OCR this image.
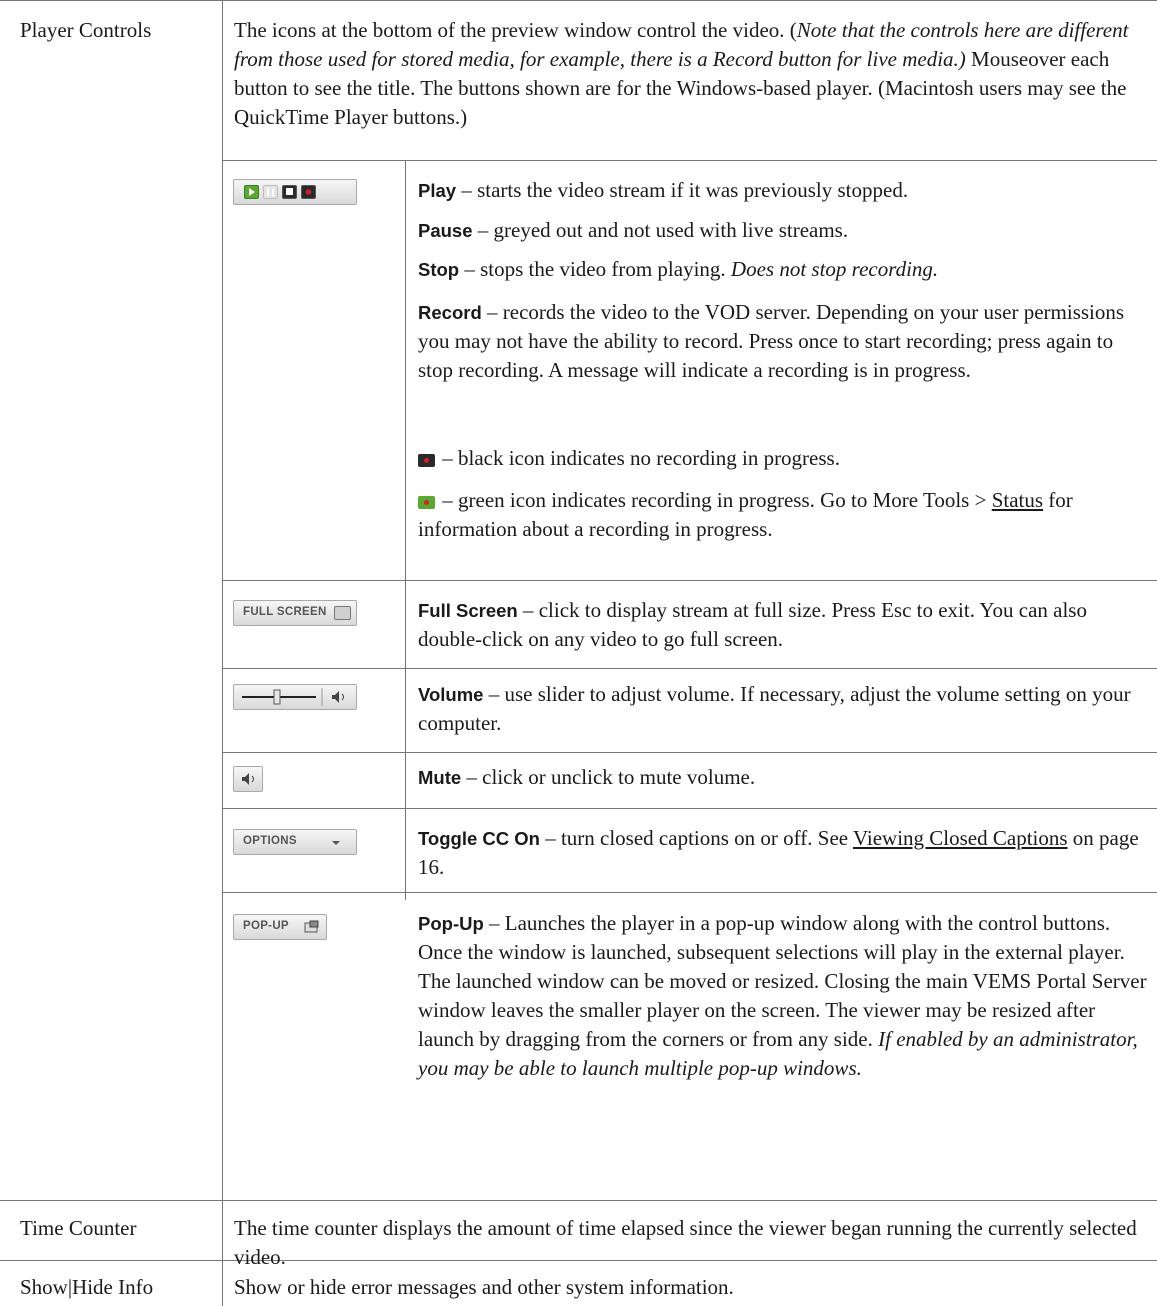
Player Controls	The icons at the bottom of the preview window control the video. (Note that the controls here are different from those used for stored media, for example, there is a Record button for live media.) Mouseover each button to see the title. The buttons shown are for the Windows-based player. (Macintosh users may see the QuickTime Player buttons.)
Play – starts the video stream if it was previously stopped.
Pause – greyed out and not used with live streams.
Stop – stops the video from playing. Does not stop recording.
Record – records the video to the VOD server. Depending on your user permissions you may not have the ability to record. Press once to start recording; press again to stop recording. A message will indicate a recording is in progress.
– black icon indicates no recording in progress.
– green icon indicates recording in progress. Go to More Tools > Status for information about a recording in progress.
FULL SCREEN	Full Screen – click to display stream at full size. Press Esc to exit. You can also double-click on any video to go full screen.
Volume – use slider to adjust volume. If necessary, adjust the volume setting on your computer.
Mute – click or unclick to mute volume.
OPTIONS	Toggle CC On – turn closed captions on or off. See Viewing Closed Captions on page 16.
POP-UP	Pop-Up – Launches the player in a pop-up window along with the control buttons. Once the window is launched, subsequent selections will play in the external player. The launched window can be moved or resized. Closing the main VEMS Portal Server window leaves the smaller player on the screen. The viewer may be resized after launch by dragging from the corners or from any side. If enabled by an administrator, you may be able to launch multiple pop-up windows.
Time Counter	The time counter displays the amount of time elapsed since the viewer began running the currently selected video.
Show|Hide Info	Show or hide error messages and other system information.
